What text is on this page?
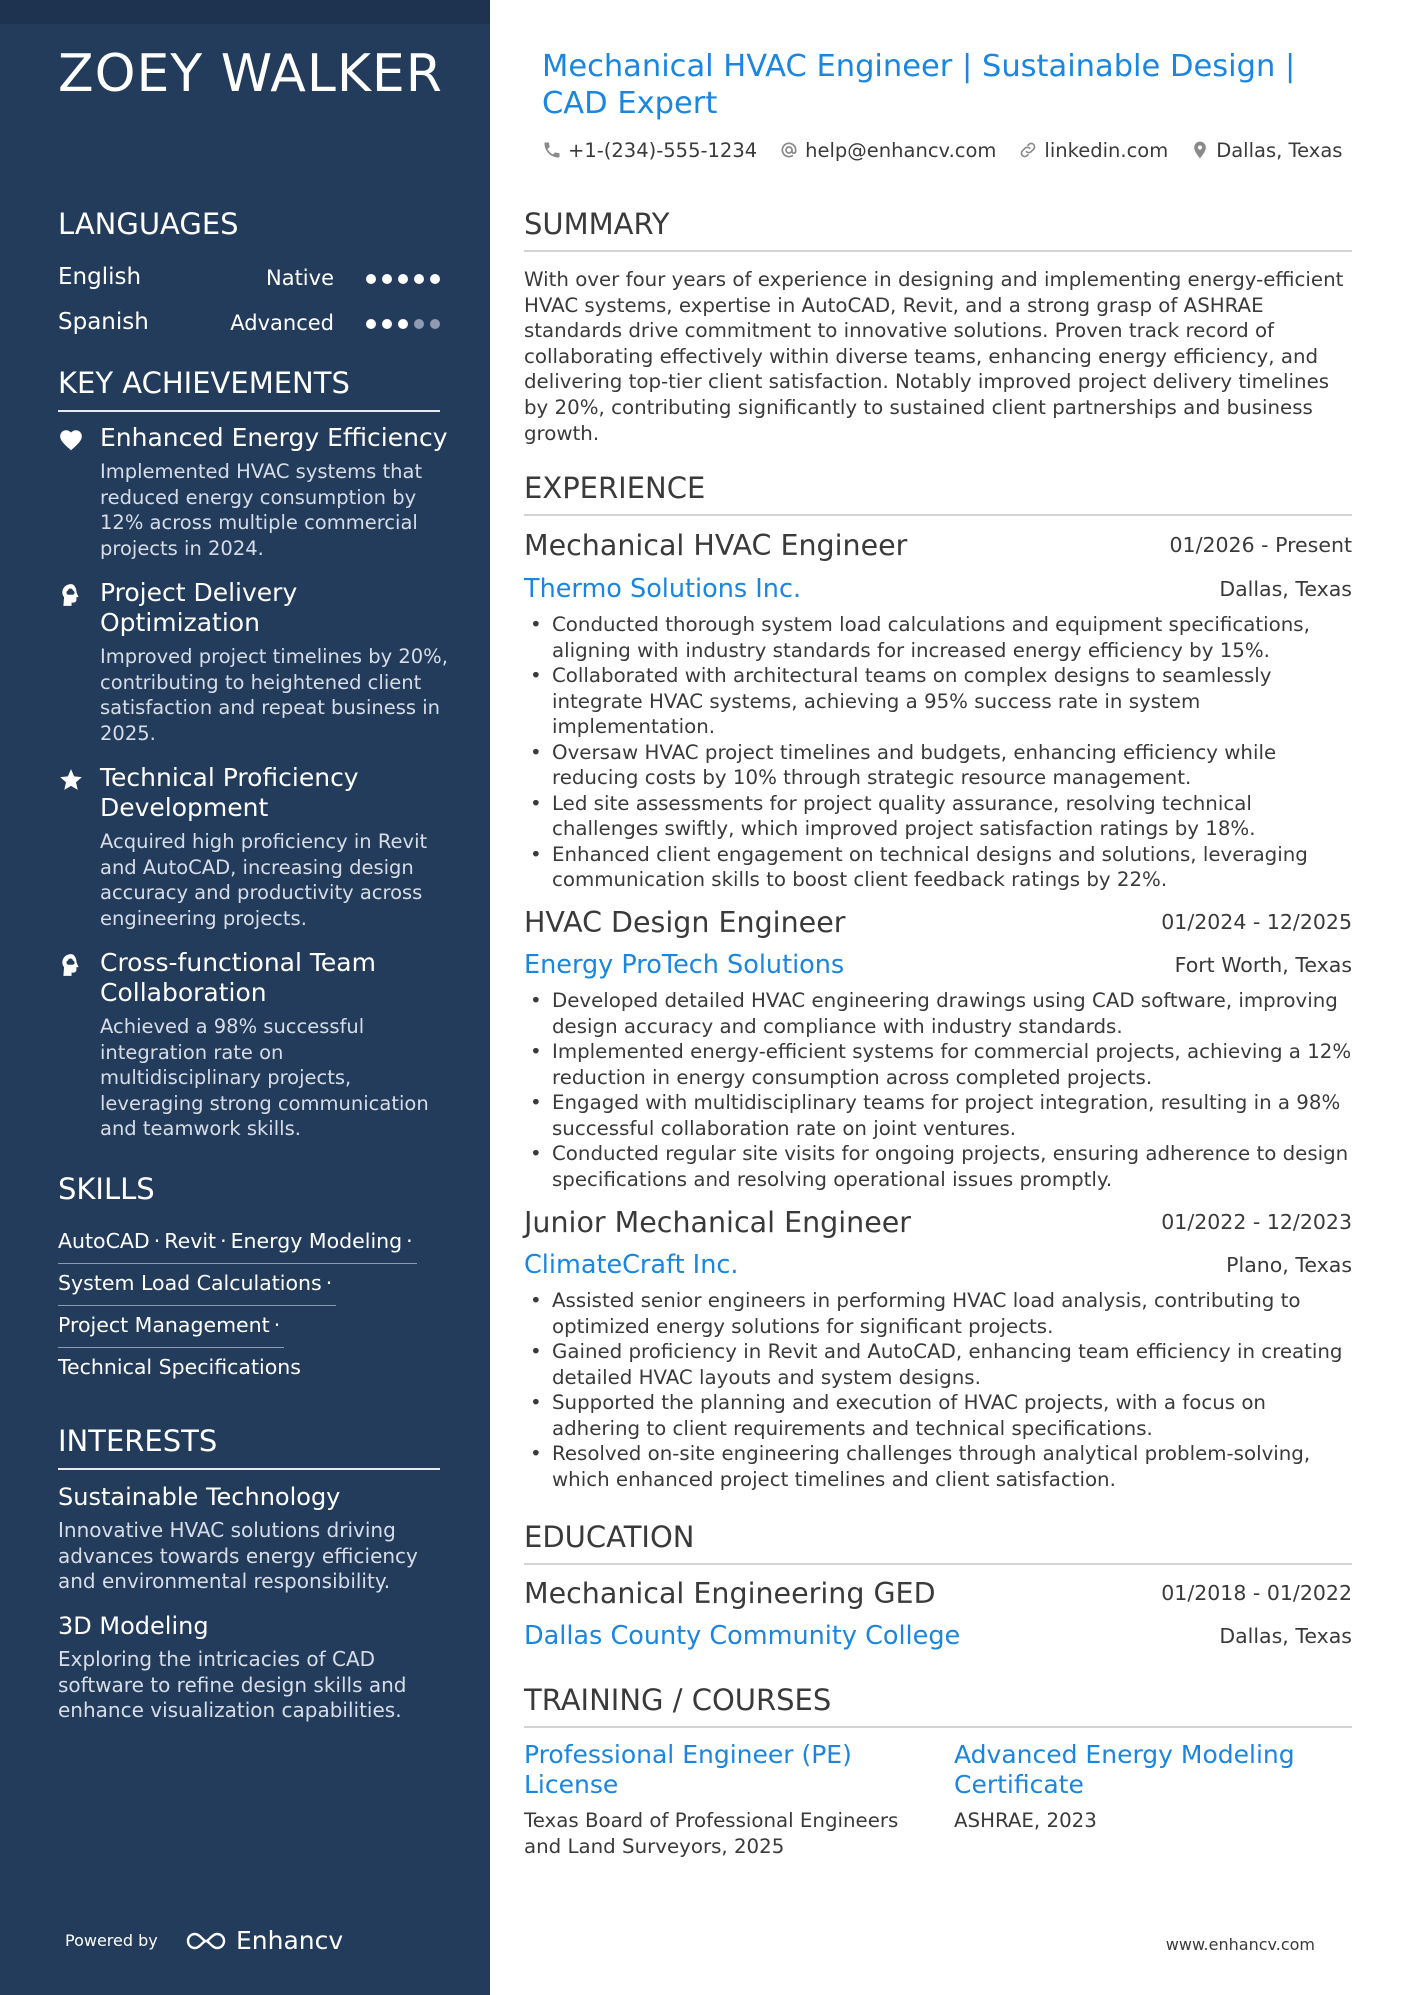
ZOEY WALKER
LANGUAGES
English	Native
Spanish	Advanced
KEY ACHIEVEMENTS
Enhanced Energy Efficiency
Implemented HVAC systems that reduced energy consumption by 12% across multiple commercial projects in 2024.
Project Delivery Optimization
Improved project timelines by 20%, contributing to heightened client satisfaction and repeat business in 2025.
Technical Proficiency Development
Acquired high proficiency in Revit and AutoCAD, increasing design accuracy and productivity across engineering projects.
Cross-functional Team Collaboration
Achieved a 98% successful integration rate on multidisciplinary projects, leveraging strong communication and teamwork skills.
SKILLS
AutoCAD · Revit · Energy Modeling ·
System Load Calculations ·
Project Management ·
Technical Specifications
INTERESTS
Sustainable Technology
Innovative HVAC solutions driving advances towards energy efficiency and environmental responsibility.
3D Modeling
Exploring the intricacies of CAD software to refine design skills and enhance visualization capabilities.
Powered by	Enhancv
Mechanical HVAC Engineer | Sustainable Design | CAD Expert
+1-(234)-555-1234 help@enhancv.com linkedin.com Dallas, Texas
SUMMARY
With over four years of experience in designing and implementing energy-efficient HVAC systems, expertise in AutoCAD, Revit, and a strong grasp of ASHRAE standards drive commitment to innovative solutions. Proven track record of collaborating effectively within diverse teams, enhancing energy efficiency, and delivering top-tier client satisfaction. Notably improved project delivery timelines by 20%, contributing significantly to sustained client partnerships and business growth.
EXPERIENCE
Mechanical HVAC Engineer	01/2026 - Present
Thermo Solutions Inc.	Dallas, Texas
• Conducted thorough system load calculations and equipment specifications, aligning with industry standards for increased energy efficiency by 15%.
• Collaborated with architectural teams on complex designs to seamlessly integrate HVAC systems, achieving a 95% success rate in system implementation.
• Oversaw HVAC project timelines and budgets, enhancing efficiency while reducing costs by 10% through strategic resource management.
• Led site assessments for project quality assurance, resolving technical challenges swiftly, which improved project satisfaction ratings by 18%.
• Enhanced client engagement on technical designs and solutions, leveraging communication skills to boost client feedback ratings by 22%.
HVAC Design Engineer	01/2024 - 12/2025
Energy ProTech Solutions	Fort Worth, Texas
• Developed detailed HVAC engineering drawings using CAD software, improving design accuracy and compliance with industry standards.
• Implemented energy-efficient systems for commercial projects, achieving a 12% reduction in energy consumption across completed projects.
• Engaged with multidisciplinary teams for project integration, resulting in a 98% successful collaboration rate on joint ventures.
• Conducted regular site visits for ongoing projects, ensuring adherence to design specifications and resolving operational issues promptly.
Junior Mechanical Engineer	01/2022 - 12/2023
ClimateCraft Inc.	Plano, Texas
• Assisted senior engineers in performing HVAC load analysis, contributing to optimized energy solutions for significant projects.
• Gained proficiency in Revit and AutoCAD, enhancing team efficiency in creating detailed HVAC layouts and system designs.
• Supported the planning and execution of HVAC projects, with a focus on adhering to client requirements and technical specifications.
• Resolved on-site engineering challenges through analytical problem-solving, which enhanced project timelines and client satisfaction.
EDUCATION
Mechanical Engineering GED	01/2018 - 01/2022
Dallas County Community College	Dallas, Texas
TRAINING / COURSES
Professional Engineer (PE) License
Texas Board of Professional Engineers and Land Surveyors, 2025
Advanced Energy Modeling Certificate
ASHRAE, 2023
www.enhancv.com
